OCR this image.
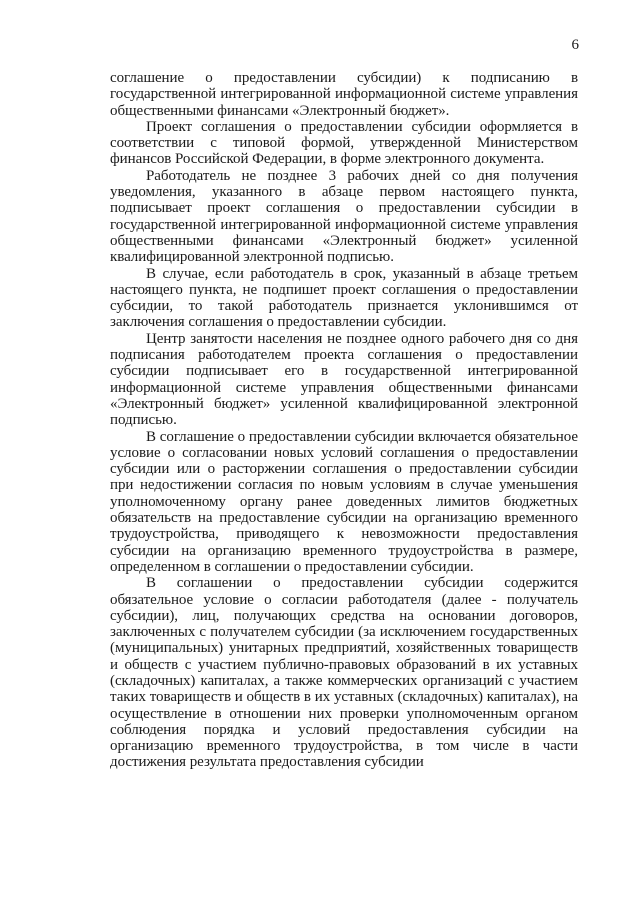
6

соглашение о предоставлении субсидии) к подписанию в государственной интегрированной информационной системе управления общественными финансами «Электронный бюджет».

Проект соглашения о предоставлении субсидии оформляется в соответствии с типовой формой, утвержденной Министерством финансов Российской Федерации, в форме электронного документа.

Работодатель не позднее 3 рабочих дней со дня получения уведомления, указанного в абзаце первом настоящего пункта, подписывает проект соглашения о предоставлении субсидии в государственной интегрированной информационной системе управления общественными финансами «Электронный бюджет» усиленной квалифицированной электронной подписью.

В случае, если работодатель в срок, указанный в абзаце третьем настоящего пункта, не подпишет проект соглашения о предоставлении субсидии, то такой работодатель признается уклонившимся от заключения соглашения о предоставлении субсидии.

Центр занятости населения не позднее одного рабочего дня со дня подписания работодателем проекта соглашения о предоставлении субсидии подписывает его в государственной интегрированной информационной системе управления общественными финансами «Электронный бюджет» усиленной квалифицированной электронной подписью.

В соглашение о предоставлении субсидии включается обязательное условие о согласовании новых условий соглашения о предоставлении субсидии или о расторжении соглашения о предоставлении субсидии при недостижении согласия по новым условиям в случае уменьшения уполномоченному органу ранее доведенных лимитов бюджетных обязательств на предоставление субсидии на организацию временного трудоустройства, приводящего к невозможности предоставления субсидии на организацию временного трудоустройства в размере, определенном в соглашении о предоставлении субсидии.

В соглашении о предоставлении субсидии содержится обязательное условие о согласии работодателя (далее - получатель субсидии), лиц, получающих средства на основании договоров, заключенных с получателем субсидии (за исключением государственных (муниципальных) унитарных предприятий, хозяйственных товариществ и обществ с участием публично-правовых образований в их уставных (складочных) капиталах, а также коммерческих организаций с участием таких товариществ и обществ в их уставных (складочных) капиталах), на осуществление в отношении них проверки уполномоченным органом соблюдения порядка и условий предоставления субсидии на организацию временного трудоустройства, в том числе в части достижения результата предоставления субсидии
